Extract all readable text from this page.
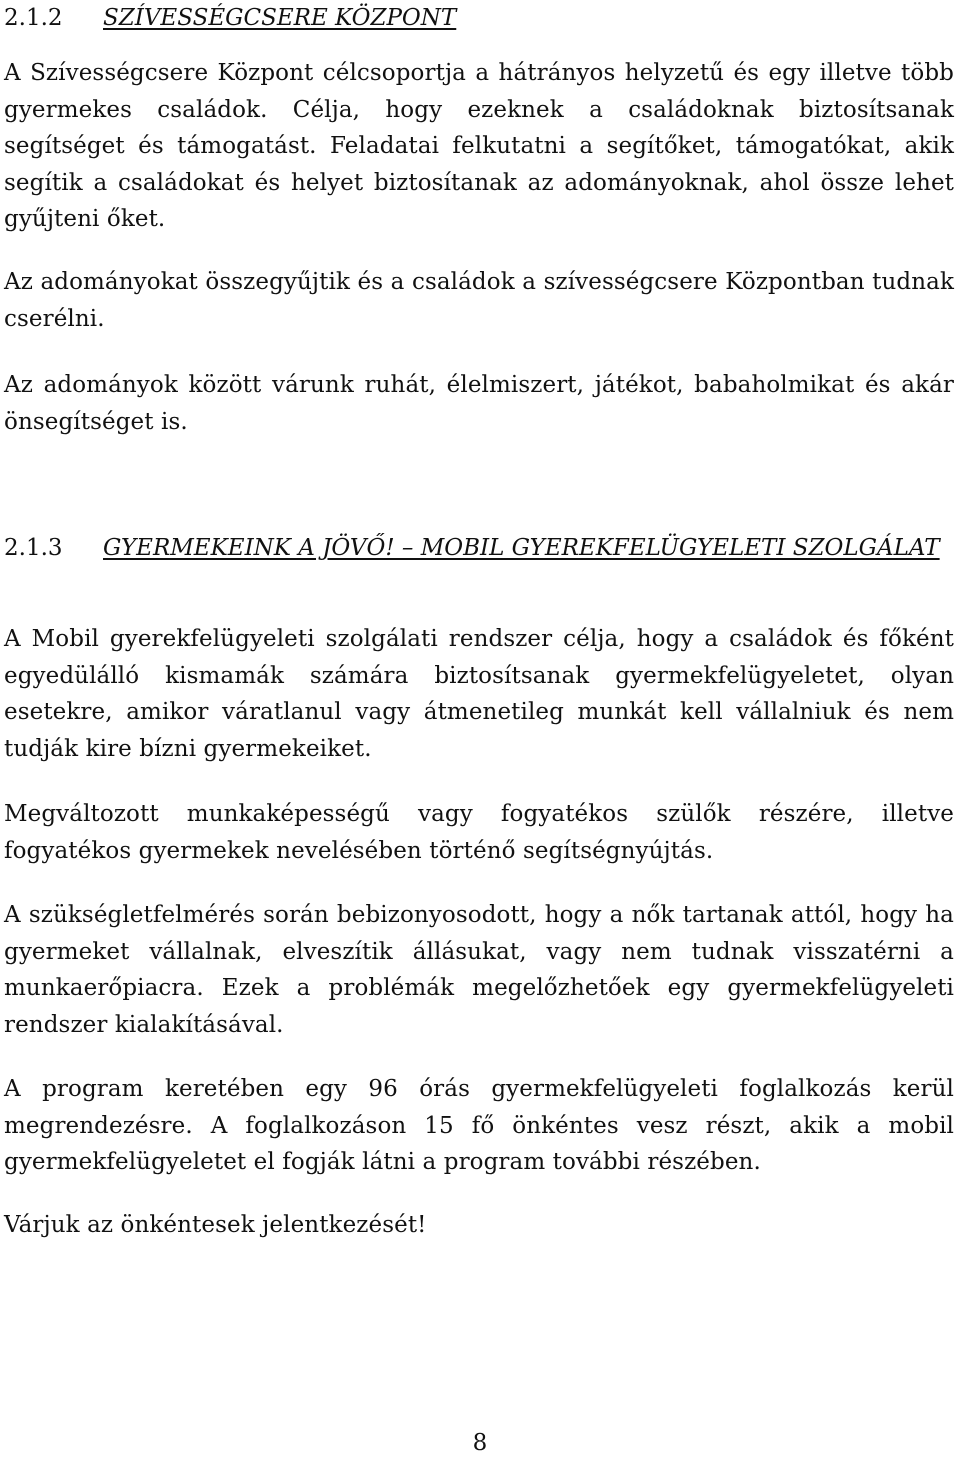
2.1.2	SZÍVESSÉGCSERE KÖZPONT

A Szívességcsere Központ célcsoportja a hátrányos helyzetű és egy illetve több gyermekes családok. Célja, hogy ezeknek a családoknak biztosítsanak segítséget és támogatást. Feladatai felkutatni a segítőket, támogatókat, akik segítik a családokat és helyet biztosítanak az adományoknak, ahol össze lehet gyűjteni őket.

Az adományokat összegyűjtik és a családok a szívességcsere Központban tudnak cserélni.

Az adományok között várunk ruhát, élelmiszert, játékot, babaholmikat és akár önsegítséget is.

2.1.3	GYERMEKEINK A JÖVŐ! – MOBIL GYEREKFELÜGYELETI SZOLGÁLAT

A Mobil gyerekfelügyeleti szolgálati rendszer célja, hogy a családok és főként egyedülálló kismamák számára biztosítsanak gyermekfelügyeletet, olyan esetekre, amikor váratlanul vagy átmenetileg munkát kell vállalniuk és nem tudják kire bízni gyermekeiket.

Megváltozott munkaképességű vagy fogyatékos szülők részére, illetve fogyatékos gyermekek nevelésében történő segítségnyújtás.

A szükségletfelmérés során bebizonyosodott, hogy a nők tartanak attól, hogy ha gyermeket vállalnak, elveszítik állásukat, vagy nem tudnak visszatérni a munkaerőpiacra. Ezek a problémák megelőzhetőek egy gyermekfelügyeleti rendszer kialakításával.

A program keretében egy 96 órás gyermekfelügyeleti foglalkozás kerül megrendezésre. A foglalkozáson 15 fő önkéntes vesz részt, akik a mobil gyermekfelügyeletet el fogják látni a program további részében.

Várjuk az önkéntesek jelentkezését!

8
